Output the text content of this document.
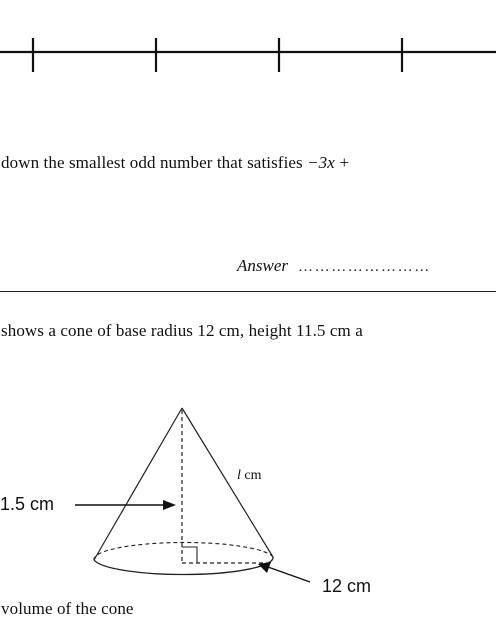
down the smallest odd number that satisfies −3x + 
Answer ……………………
shows a cone of base radius 12 cm, height 11.5 cm a
1.5 cm
l cm
12 cm
volume of the cone
